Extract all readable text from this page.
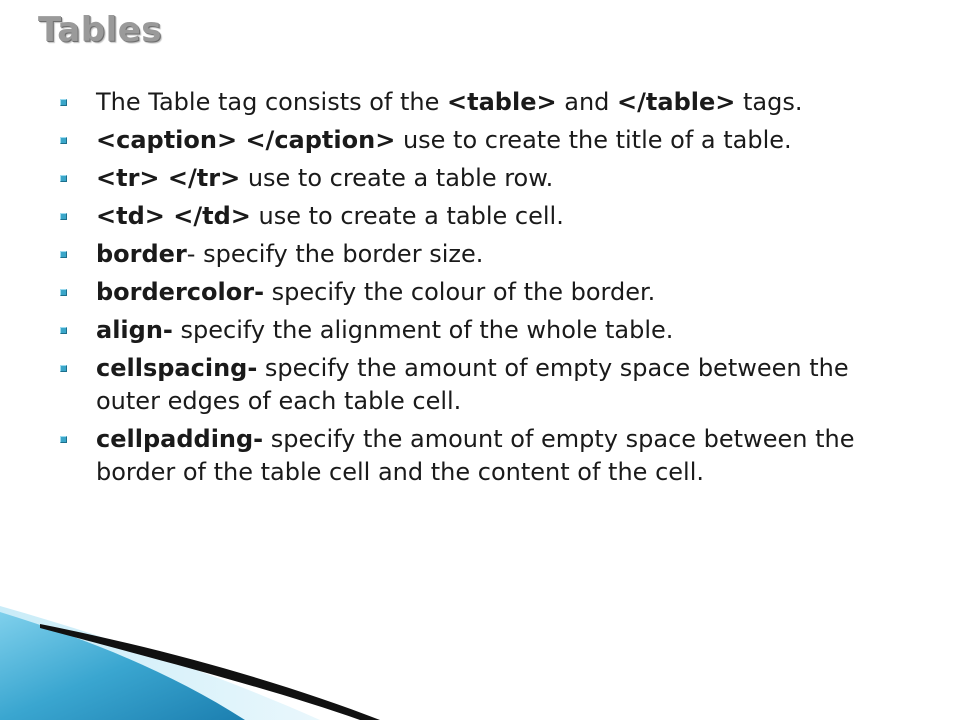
Tables
The Table tag consists of the <table> and </table> tags.
<caption> </caption> use to create the title of a table.
<tr> </tr> use to create a table row.
<td> </td> use to create a table cell.
border- specify the border size.
bordercolor- specify the colour of the border.
align- specify the alignment of the whole table.
cellspacing- specify the amount of empty space between the outer edges of each table cell.
cellpadding- specify the amount of empty space between the border of the table cell and the content of the cell.
